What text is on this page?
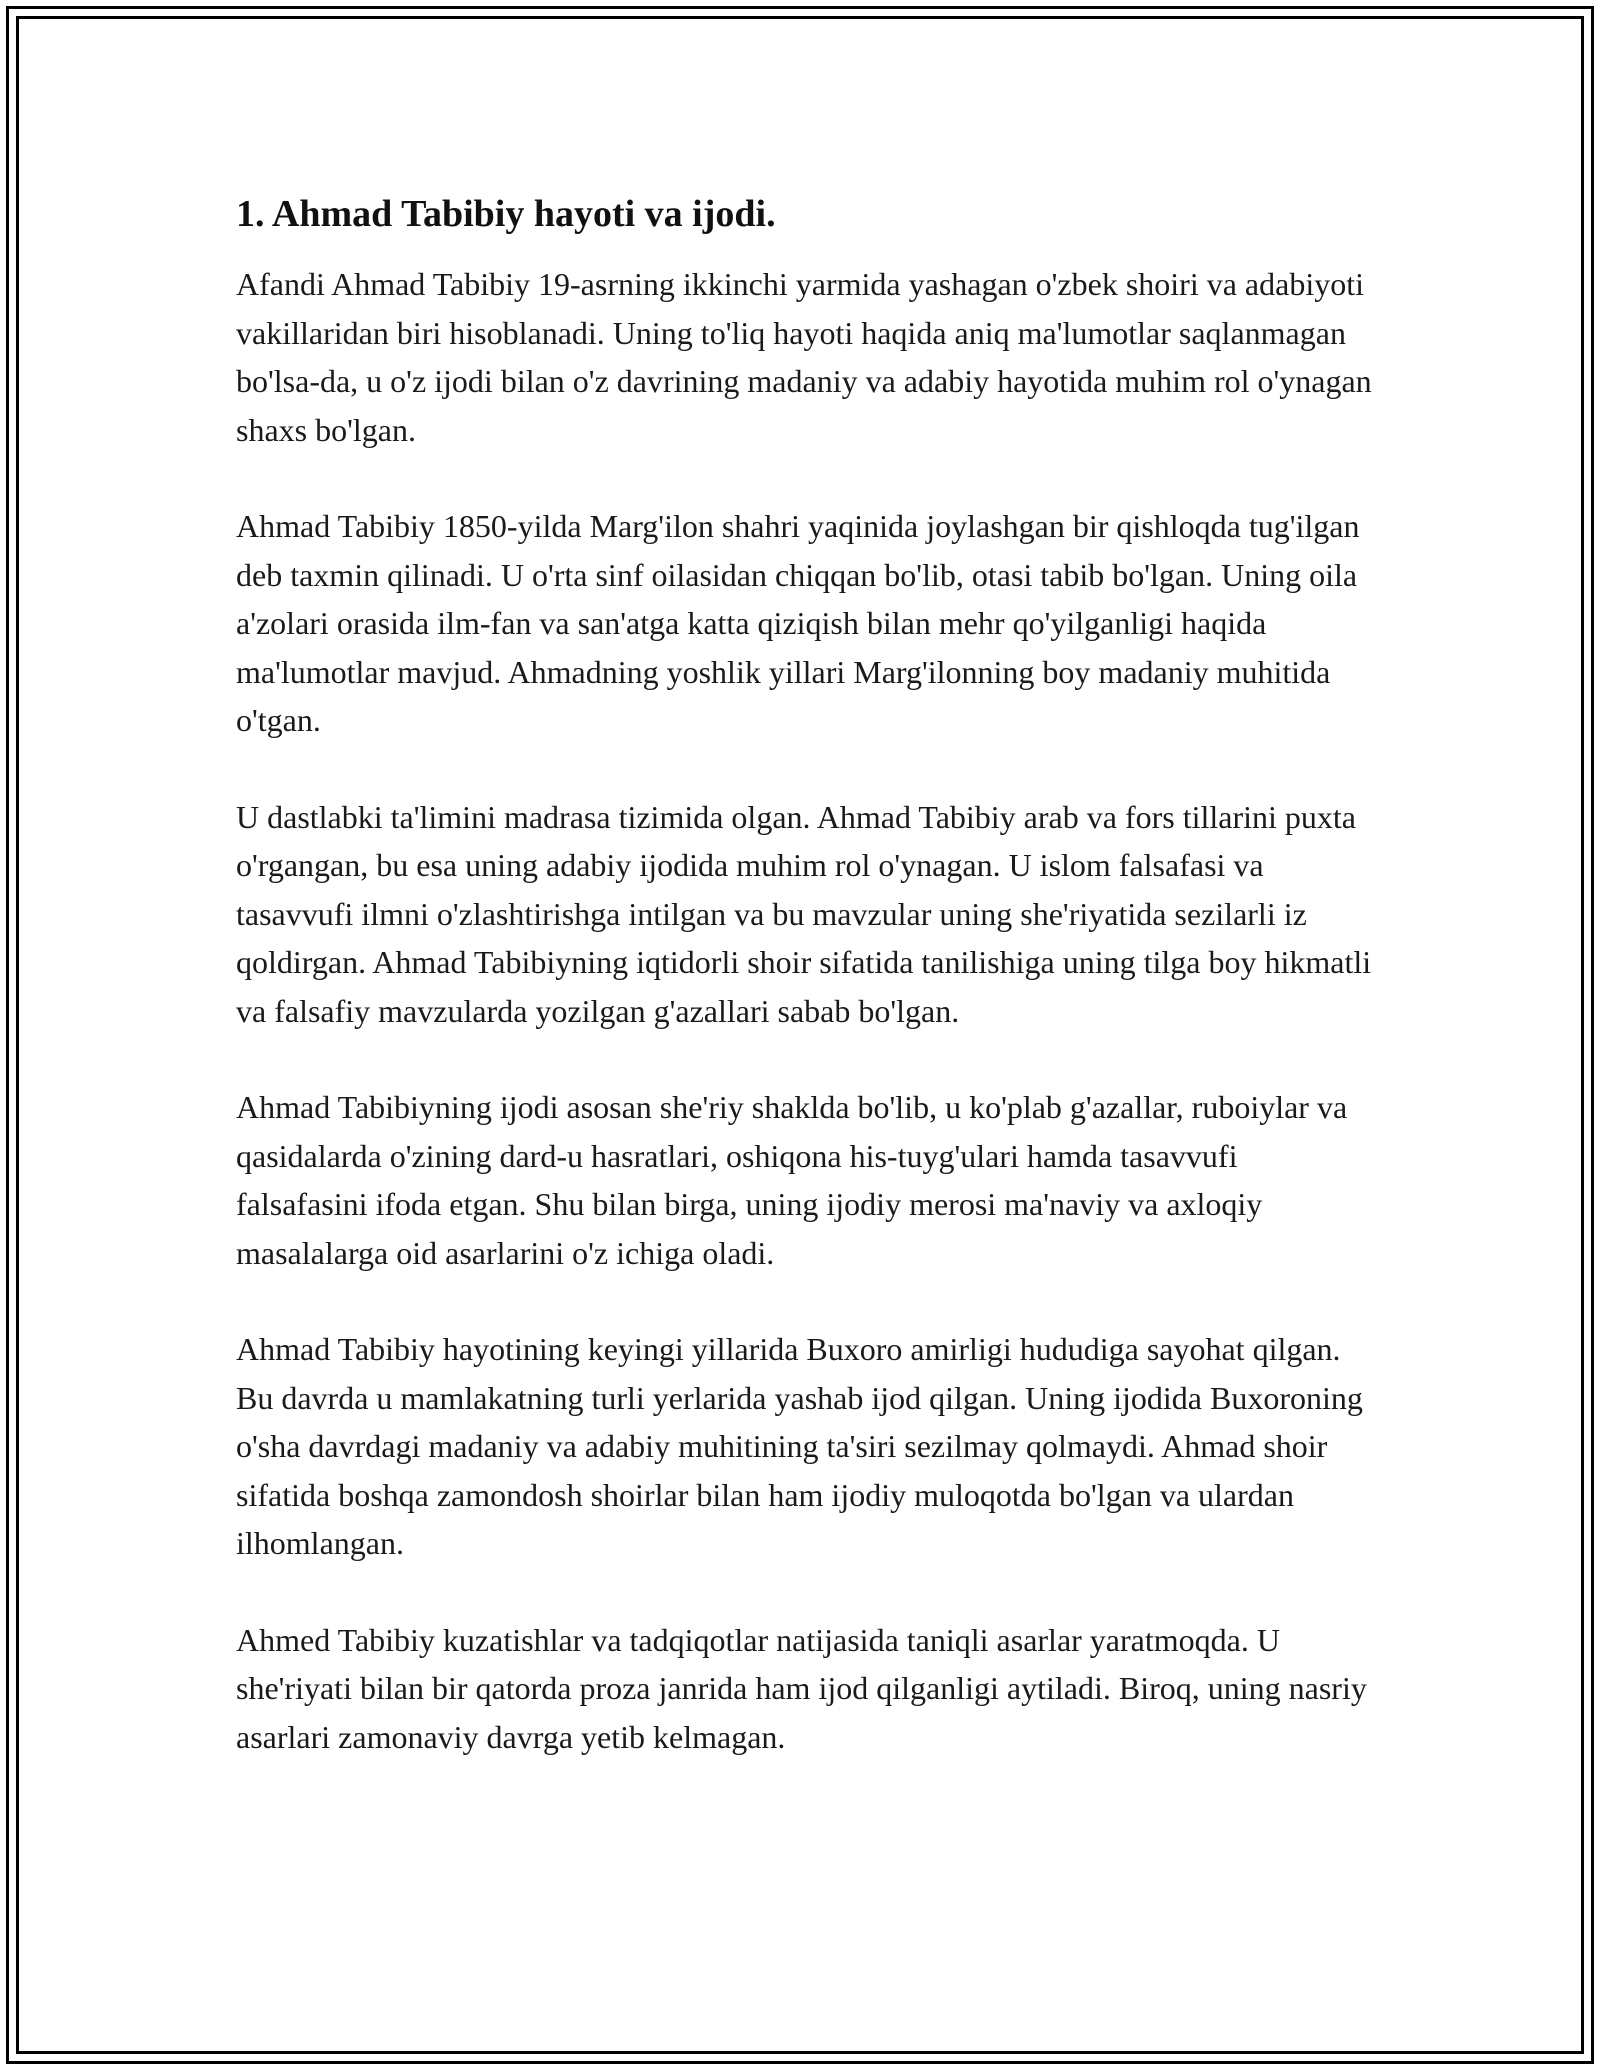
1. Ahmad Tabibiy hayoti va ijodi.

Afandi Ahmad Tabibiy 19-asrning ikkinchi yarmida yashagan o'zbek shoiri va adabiyoti vakillaridan biri hisoblanadi. Uning to'liq hayoti haqida aniq ma'lumotlar saqlanmagan bo'lsa-da, u o'z ijodi bilan o'z davrining madaniy va adabiy hayotida muhim rol o'ynagan shaxs bo'lgan.

Ahmad Tabibiy 1850-yilda Marg'ilon shahri yaqinida joylashgan bir qishloqda tug'ilgan deb taxmin qilinadi. U o'rta sinf oilasidan chiqqan bo'lib, otasi tabib bo'lgan. Uning oila a'zolari orasida ilm-fan va san'atga katta qiziqish bilan mehr qo'yilganligi haqida ma'lumotlar mavjud. Ahmadning yoshlik yillari Marg'ilonning boy madaniy muhitida o'tgan.

U dastlabki ta'limini madrasa tizimida olgan. Ahmad Tabibiy arab va fors tillarini puxta o'rgangan, bu esa uning adabiy ijodida muhim rol o'ynagan. U islom falsafasi va tasavvufi ilmni o'zlashtirishga intilgan va bu mavzular uning she'riyatida sezilarli iz qoldirgan. Ahmad Tabibiyning iqtidorli shoir sifatida tanilishiga uning tilga boy hikmatli va falsafiy mavzularda yozilgan g'azallari sabab bo'lgan.

Ahmad Tabibiyning ijodi asosan she'riy shaklda bo'lib, u ko'plab g'azallar, ruboiylar va qasidalarda o'zining dard-u hasratlari, oshiqona his-tuyg'ulari hamda tasavvufi falsafasini ifoda etgan. Shu bilan birga, uning ijodiy merosi ma'naviy va axloqiy masalalarga oid asarlarini o'z ichiga oladi.

Ahmad Tabibiy hayotining keyingi yillarida Buxoro amirligi hududiga sayohat qilgan. Bu davrda u mamlakatning turli yerlarida yashab ijod qilgan. Uning ijodida Buxoroning o'sha davrdagi madaniy va adabiy muhitining ta'siri sezilmay qolmaydi. Ahmad shoir sifatida boshqa zamondosh shoirlar bilan ham ijodiy muloqotda bo'lgan va ulardan ilhomlangan.

Ahmed Tabibiy kuzatishlar va tadqiqotlar natijasida taniqli asarlar yaratmoqda. U she'riyati bilan bir qatorda proza janrida ham ijod qilganligi aytiladi. Biroq, uning nasriy asarlari zamonaviy davrga yetib kelmagan.
